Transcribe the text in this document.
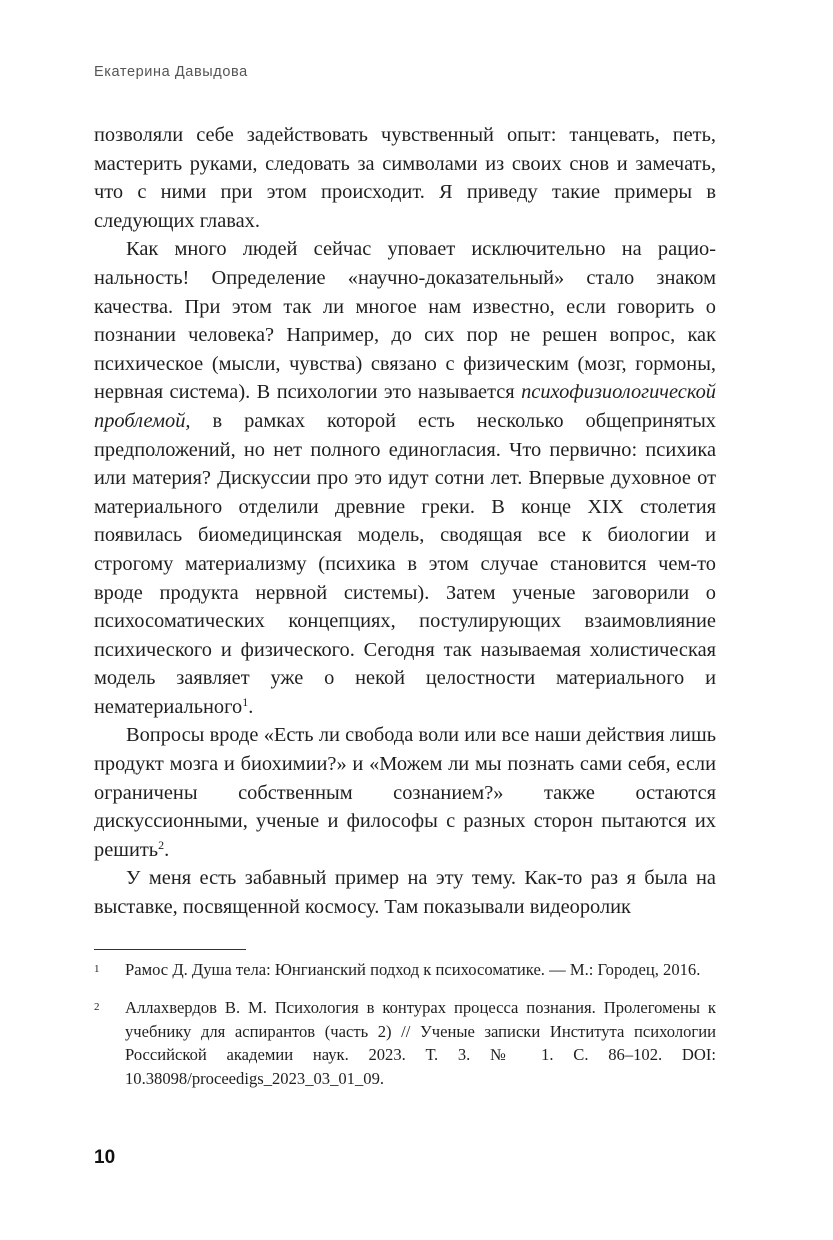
Екатерина Давыдова

позволяли себе задействовать чувственный опыт: танцевать, петь, мастерить руками, следовать за символами из своих снов и замечать, что с ними при этом происходит. Я приведу такие примеры в следующих главах.

Как много людей сейчас уповает исключительно на рациональность! Определение «научно-доказательный» стало знаком качества. При этом так ли многое нам известно, если говорить о познании человека? Например, до сих пор не решен вопрос, как психическое (мысли, чувства) связано с физическим (мозг, гормоны, нервная система). В психологии это называется психофизиологической проблемой, в рамках которой есть несколько общепринятых предположений, но нет полного единогласия. Что первично: психика или материя? Дискуссии про это идут сотни лет. Впервые духовное от материального отделили древние греки. В конце XIX столетия появилась биомедицинская модель, сводящая все к биологии и строгому материализму (психика в этом случае становится чем-то вроде продукта нервной системы). Затем ученые заговорили о психосоматических концепциях, постулирующих взаимовлияние психического и физического. Сегодня так называемая холистическая модель заявляет уже о некой целостности материального и нематериального$^1$.

Вопросы вроде «Есть ли свобода воли или все наши действия лишь продукт мозга и биохимии?» и «Можем ли мы познать сами себя, если ограничены собственным сознанием?» также остаются дискуссионными, ученые и философы с разных сторон пытаются их решить$^2$.

У меня есть забавный пример на эту тему. Как-то раз я была на выставке, посвященной космосу. Там показывали видеоролик

1 Рамос Д. Душа тела: Юнгианский подход к психосоматике. — М.: Городец, 2016.
2 Аллахвердов В. М. Психология в контурах процесса познания. Пролегомены к учебнику для аспирантов (часть 2) // Ученые записки Института психологии Российской академии наук. 2023. Т. 3. № 1. С. 86–102. DOI: 10.38098/proceedigs_2023_03_01_09.
10
